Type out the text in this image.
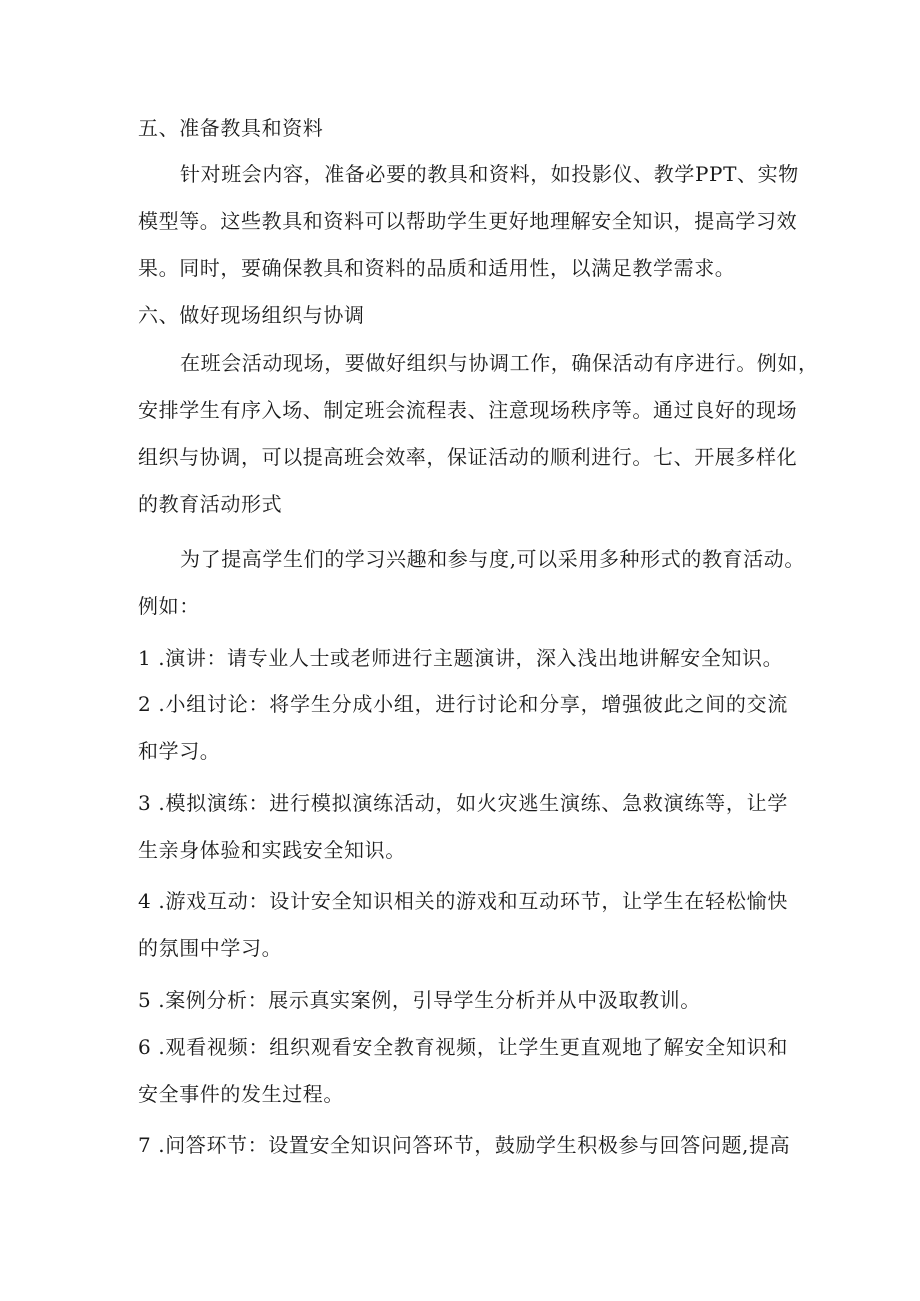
五、准备教具和资料
针对班会内容，准备必要的教具和资料，如投影仪、教学PPT、实物
模型等。这些教具和资料可以帮助学生更好地理解安全知识，提高学习效
果。同时，要确保教具和资料的品质和适用性，以满足教学需求。
六、做好现场组织与协调
在班会活动现场，要做好组织与协调工作，确保活动有序进行。例如，
安排学生有序入场、制定班会流程表、注意现场秩序等。通过良好的现场
组织与协调，可以提高班会效率，保证活动的顺利进行。七、开展多样化
的教育活动形式
为了提高学生们的学习兴趣和参与度,可以采用多种形式的教育活动。
例如：
1 .演讲：请专业人士或老师进行主题演讲，深入浅出地讲解安全知识。
2 .小组讨论：将学生分成小组，进行讨论和分享，增强彼此之间的交流
和学习。
3 .模拟演练：进行模拟演练活动，如火灾逃生演练、急救演练等，让学
生亲身体验和实践安全知识。
4 .游戏互动：设计安全知识相关的游戏和互动环节，让学生在轻松愉快
的氛围中学习。
5 .案例分析：展示真实案例，引导学生分析并从中汲取教训。
6 .观看视频：组织观看安全教育视频，让学生更直观地了解安全知识和
安全事件的发生过程。
7 .问答环节：设置安全知识问答环节，鼓励学生积极参与回答问题,提高
